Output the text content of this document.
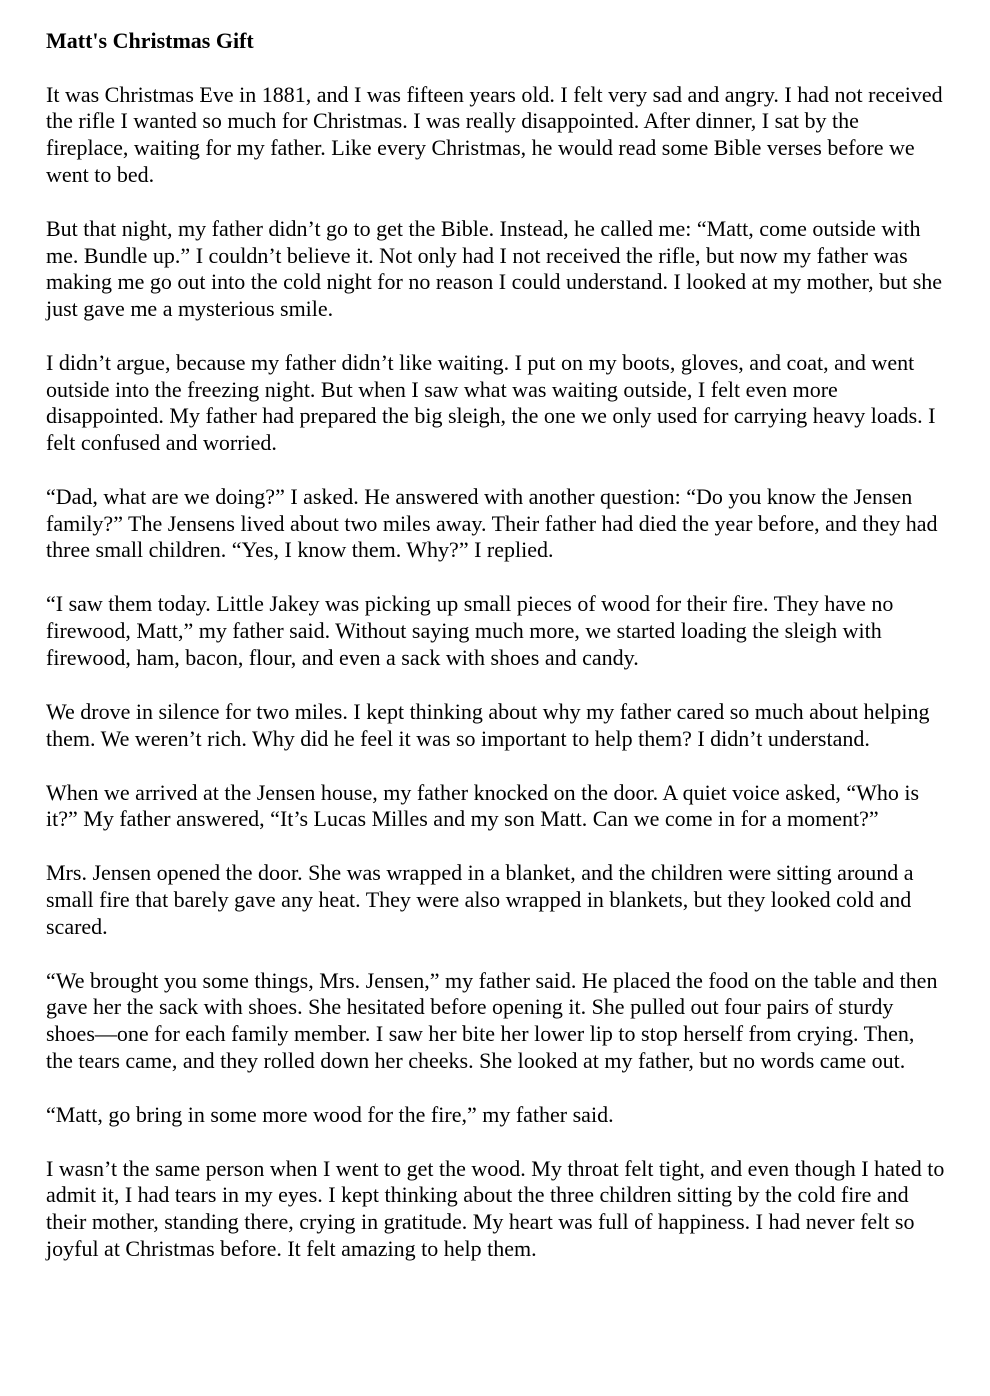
Matt's Christmas Gift

It was Christmas Eve in 1881, and I was fifteen years old. I felt very sad and angry. I had not received the rifle I wanted so much for Christmas. I was really disappointed. After dinner, I sat by the fireplace, waiting for my father. Like every Christmas, he would read some Bible verses before we went to bed.

But that night, my father didn’t go to get the Bible. Instead, he called me: “Matt, come outside with me. Bundle up.” I couldn’t believe it. Not only had I not received the rifle, but now my father was making me go out into the cold night for no reason I could understand. I looked at my mother, but she just gave me a mysterious smile.

I didn’t argue, because my father didn’t like waiting. I put on my boots, gloves, and coat, and went outside into the freezing night. But when I saw what was waiting outside, I felt even more disappointed. My father had prepared the big sleigh, the one we only used for carrying heavy loads. I felt confused and worried.

“Dad, what are we doing?” I asked. He answered with another question: “Do you know the Jensen family?” The Jensens lived about two miles away. Their father had died the year before, and they had three small children. “Yes, I know them. Why?” I replied.

“I saw them today. Little Jakey was picking up small pieces of wood for their fire. They have no firewood, Matt,” my father said. Without saying much more, we started loading the sleigh with firewood, ham, bacon, flour, and even a sack with shoes and candy.

We drove in silence for two miles. I kept thinking about why my father cared so much about helping them. We weren’t rich. Why did he feel it was so important to help them? I didn’t understand.

When we arrived at the Jensen house, my father knocked on the door. A quiet voice asked, “Who is it?” My father answered, “It’s Lucas Milles and my son Matt. Can we come in for a moment?”

Mrs. Jensen opened the door. She was wrapped in a blanket, and the children were sitting around a small fire that barely gave any heat. They were also wrapped in blankets, but they looked cold and scared.

“We brought you some things, Mrs. Jensen,” my father said. He placed the food on the table and then gave her the sack with shoes. She hesitated before opening it. She pulled out four pairs of sturdy shoes—one for each family member. I saw her bite her lower lip to stop herself from crying. Then, the tears came, and they rolled down her cheeks. She looked at my father, but no words came out.

“Matt, go bring in some more wood for the fire,” my father said.

I wasn’t the same person when I went to get the wood. My throat felt tight, and even though I hated to admit it, I had tears in my eyes. I kept thinking about the three children sitting by the cold fire and their mother, standing there, crying in gratitude. My heart was full of happiness. I had never felt so joyful at Christmas before. It felt amazing to help them.
